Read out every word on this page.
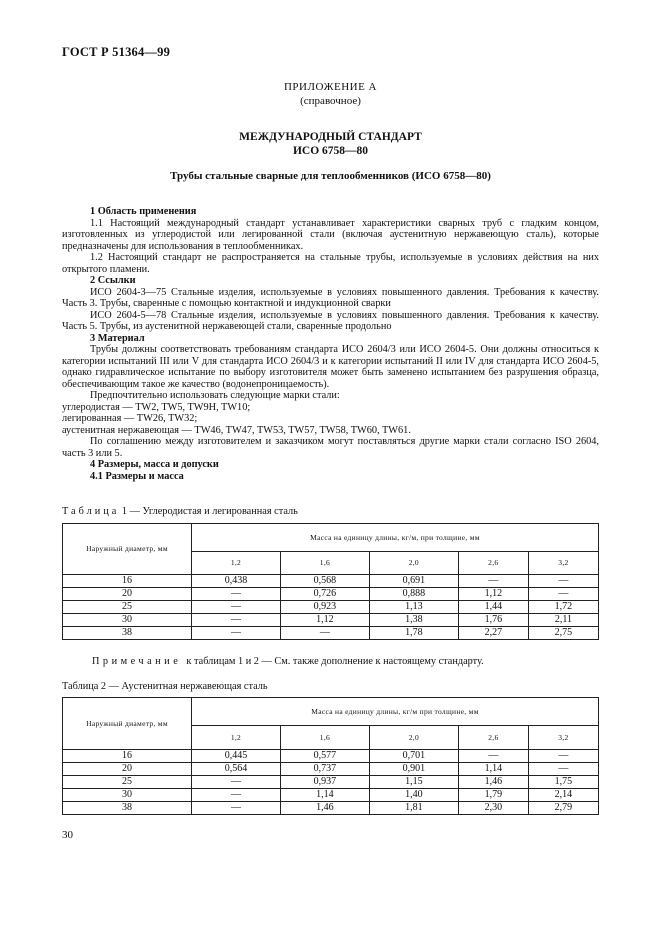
ГОСТ Р 51364—99
ПРИЛОЖЕНИЕ А
(справочное)
МЕЖДУНАРОДНЫЙ СТАНДАРТ
ИСО 6758—80
Трубы стальные сварные для теплообменников (ИСО 6758—80)

1 Область применения

1.1 Настоящий международный стандарт устанавливает характеристики сварных труб с гладким концом, изготовленных из углеродистой или легированной стали (включая аустенитную нержавеющую сталь), которые предназначены для использования в теплообменниках.

1.2 Настоящий стандарт не распространяется на стальные трубы, используемые в условиях действия на них открытого пламени.

2 Ссылки

ИСО 2604-3—75 Стальные изделия, используемые в условиях повышенного давления. Требования к качеству. Часть 3. Трубы, сваренные с помощью контактной и индукционной сварки

ИСО 2604-5—78 Стальные изделия, используемые в условиях повышенного давления. Требования к качеству. Часть 5. Трубы, из аустенитной нержавеющей стали, сваренные продольно

3 Материал

Трубы должны соответствовать требованиям стандарта ИСО 2604/3 или ИСО 2604-5. Они должны относиться к категории испытаний III или V для стандарта ИСО 2604/3 и к категории испытаний II или IV для стандарта ИСО 2604-5, однако гидравлическое испытание по выбору изготовителя может быть заменено испытанием без разрушения образца, обеспечивающим такое же качество (водонепроницаемость).

Предпочтительно использовать следующие марки стали:

углеродистая — TW2, TW5, TW9H, TW10;

легированная — TW26, TW32;

аустенитная нержавеющая — TW46, TW47, TW53, TW57, TW58, TW60, TW61.

По соглашению между изготовителем и заказчиком могут поставляться другие марки стали согласно ISO 2604, часть 3 или 5.

4 Размеры, масса и допуски

4.1 Размеры и масса

Таблица 1 — Углеродистая и легированная сталь
Наружный диаметр, мм	Масса на единицу длины, кг/м, при толщине, мм				
	1,2	1,6	2,0	2,6	3,2
16	0,438	0,568	0,691	—	—
20	—	0,726	0,888	1,12	—
25	—	0,923	1,13	1,44	1,72
30	—	1,12	1,38	1,76	2,11
38	—	—	1,78	2,27	2,75
Примечание к таблицам 1 и 2 — См. также дополнение к настоящему стандарту.
Таблица 2 — Аустенитная нержавеющая сталь
Наружный диаметр, мм	Масса на единицу длины, кг/м при толщине, мм				
	1,2	1,6	2,0	2,6	3,2
16	0,445	0,577	0,701	—	—
20	0,564	0,737	0,901	1,14	—
25	—	0,937	1,15	1,46	1,75
30	—	1,14	1,40	1,79	2,14
38	—	1,46	1,81	2,30	2,79
30
